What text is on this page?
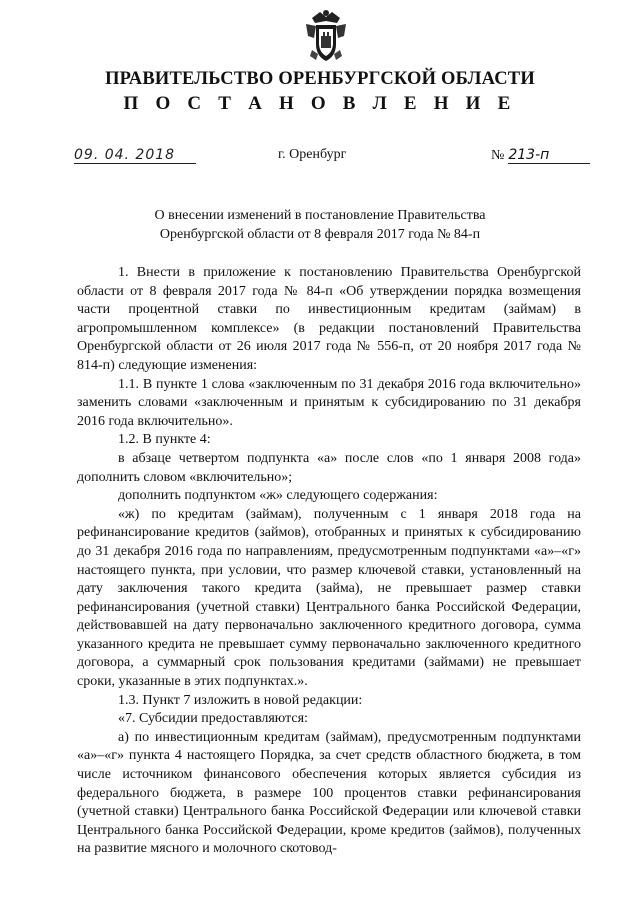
ПРАВИТЕЛЬСТВО ОРЕНБУРГСКОЙ ОБЛАСТИ
П О С Т А Н О В Л Е Н И Е
09. 04. 2018	г. Оренбург	№ 213-п
О внесении изменений в постановление Правительства
Оренбургской области от 8 февраля 2017 года № 84-п

1. Внести в приложение к постановлению Правительства Оренбургской области от 8 февраля 2017 года № 84-п «Об утверждении порядка возмещения части процентной ставки по инвестиционным кредитам (займам) в агропромышленном комплексе» (в редакции постановлений Правительства Оренбургской области от 26 июля 2017 года № 556-п, от 20 ноября 2017 года № 814-п) следующие изменения:

1.1. В пункте 1 слова «заключенным по 31 декабря 2016 года включительно» заменить словами «заключенным и принятым к субсидированию по 31 декабря 2016 года включительно».

1.2. В пункте 4:

в абзаце четвертом подпункта «а» после слов «по 1 января 2008 года» дополнить словом «включительно»;

дополнить подпунктом «ж» следующего содержания:

«ж) по кредитам (займам), полученным с 1 января 2018 года на рефинансирование кредитов (займов), отобранных и принятых к субсидированию до 31 декабря 2016 года по направлениям, предусмотренным подпунктами «а»–«г» настоящего пункта, при условии, что размер ключевой ставки, установленный на дату заключения такого кредита (займа), не превышает размер ставки рефинансирования (учетной ставки) Центрального банка Российской Федерации, действовавшей на дату первоначально заключенного кредитного договора, сумма указанного кредита не превышает сумму первоначально заключенного кредитного договора, а суммарный срок пользования кредитами (займами) не превышает сроки, указанные в этих подпунктах.».

1.3. Пункт 7 изложить в новой редакции:

«7. Субсидии предоставляются:

а) по инвестиционным кредитам (займам), предусмотренным подпунктами «а»–«г» пункта 4 настоящего Порядка, за счет средств областного бюджета, в том числе источником финансового обеспечения которых является субсидия из федерального бюджета, в размере 100 процентов ставки рефинансирования (учетной ставки) Центрального банка Российской Федерации или ключевой ставки Центрального банка Российской Федерации, кроме кредитов (займов), полученных на развитие мясного и молочного скотовод-
